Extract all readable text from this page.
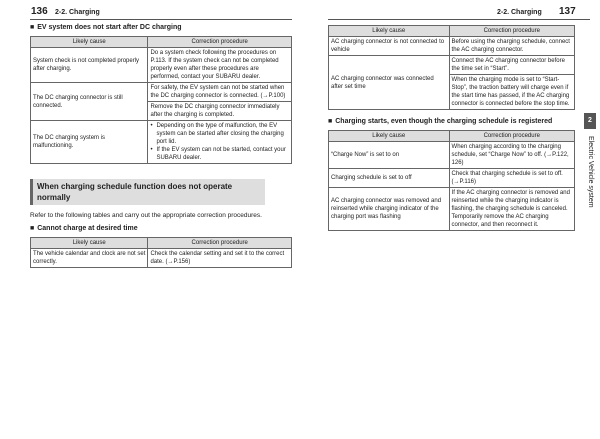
136 2-2. Charging	2-2. Charging 137
■ EV system does not start after DC charging
Likely cause	Correction procedure
System check is not completed properly after charging.	Do a system check following the procedures on P.113. If the system check can not be completed properly even after these procedures are performed, contact your SUBARU dealer.

The DC charging connector is still connected.	For safety, the EV system can not be started when the DC charging connector is connected. (→P.100)
Remove the DC charging connector immediately after the charging is completed.

The DC charging system is malfunctioning.	• Depending on the type of malfunction, the EV system can be started after closing the charging port lid.
• If the EV system can not be started, contact your SUBARU dealer.
When charging schedule function does not operate normally
Refer to the following tables and carry out the appropriate correction procedures.
■ Cannot charge at desired time
Likely cause	Correction procedure
The vehicle calendar and clock are not set correctly.	Check the calendar setting and set it to the correct date. (→P.156)
Likely cause	Correction procedure
AC charging connector is not connected to vehicle	Before using the charging schedule, connect the AC charging connector.

AC charging connector was connected after set time	Connect the AC charging connector before the time set in “Start”.
When the charging mode is set to “Start-Stop”, the traction battery will charge even if the start time has passed, if the AC charging connector is connected before the stop time.
■ Charging starts, even though the charging schedule is registered
Likely cause	Correction procedure
“Charge Now” is set to on	When charging according to the charging schedule, set “Charge Now” to off. (→P.122, 126)
Charging schedule is set to off	Check that charging schedule is set to off. (→P.116)
AC charging connector was removed and reinserted while charging indicator of the charging port was flashing	If the AC charging connector is removed and reinserted while the charging indicator is flashing, the charging schedule is canceled. Temporarily remove the AC charging connector, and then reconnect it.
2
Electric Vehicle system
